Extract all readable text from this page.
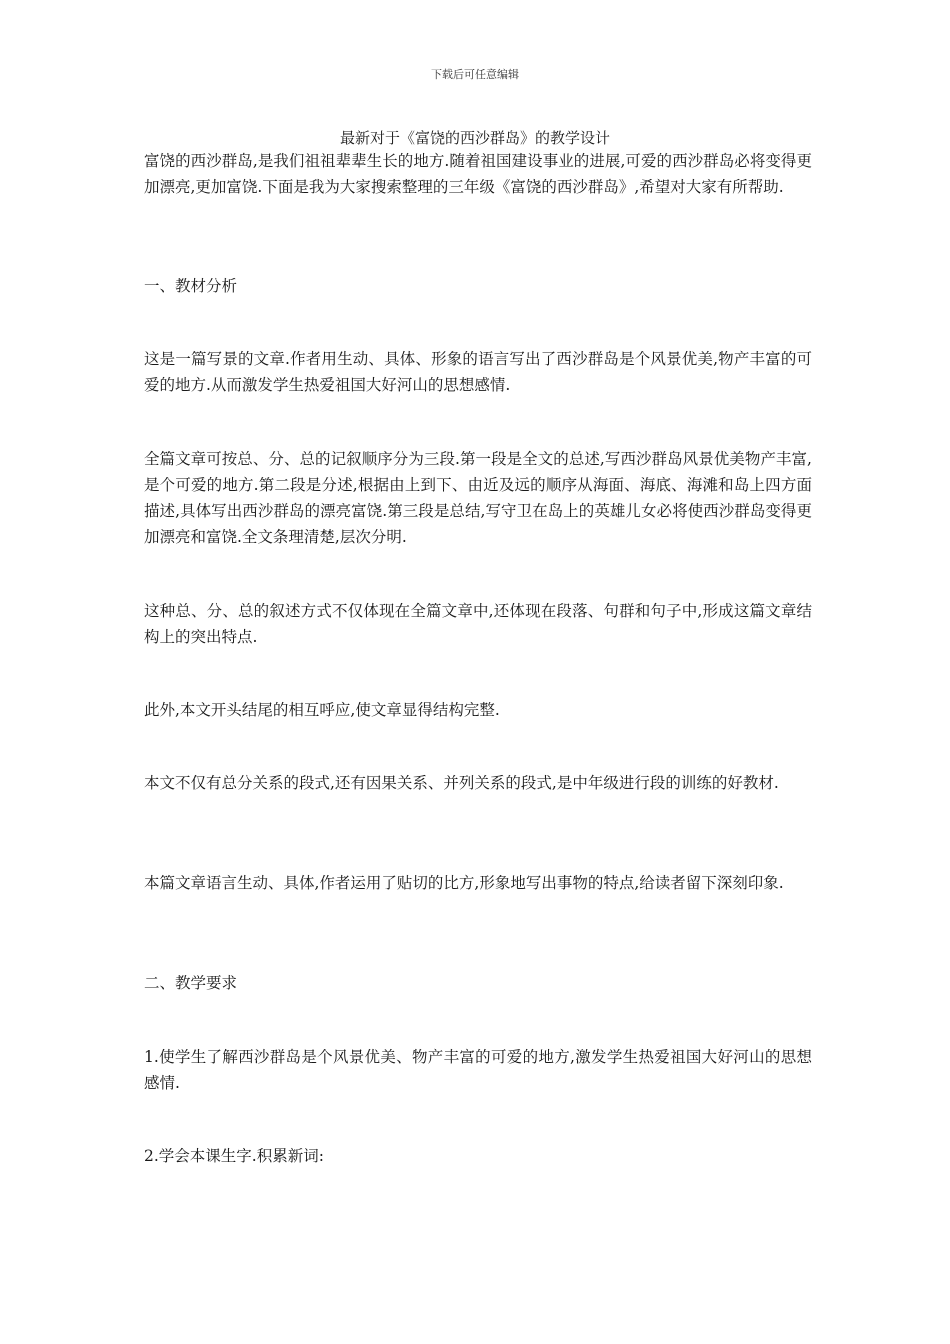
下载后可任意编辑
最新对于《富饶的西沙群岛》的教学设计

富饶的西沙群岛,是我们祖祖辈辈生长的地方.随着祖国建设事业的进展,可爱的西沙群岛必将变得更加漂亮,更加富饶.下面是我为大家搜索整理的三年级《富饶的西沙群岛》,希望对大家有所帮助.

一、教材分析

这是一篇写景的文章.作者用生动、具体、形象的语言写出了西沙群岛是个风景优美,物产丰富的可爱的地方.从而激发学生热爱祖国大好河山的思想感情.

全篇文章可按总、分、总的记叙顺序分为三段.第一段是全文的总述,写西沙群岛风景优美物产丰富,是个可爱的地方.第二段是分述,根据由上到下、由近及远的顺序从海面、海底、海滩和岛上四方面描述,具体写出西沙群岛的漂亮富饶.第三段是总结,写守卫在岛上的英雄儿女必将使西沙群岛变得更加漂亮和富饶.全文条理清楚,层次分明.

这种总、分、总的叙述方式不仅体现在全篇文章中,还体现在段落、句群和句子中,形成这篇文章结构上的突出特点.

此外,本文开头结尾的相互呼应,使文章显得结构完整.

本文不仅有总分关系的段式,还有因果关系、并列关系的段式,是中年级进行段的训练的好教材.

本篇文章语言生动、具体,作者运用了贴切的比方,形象地写出事物的特点,给读者留下深刻印象.

二、教学要求

1.使学生了解西沙群岛是个风景优美、物产丰富的可爱的地方,激发学生热爱祖国大好河山的思想感情.

2.学会本课生字.积累新词:
